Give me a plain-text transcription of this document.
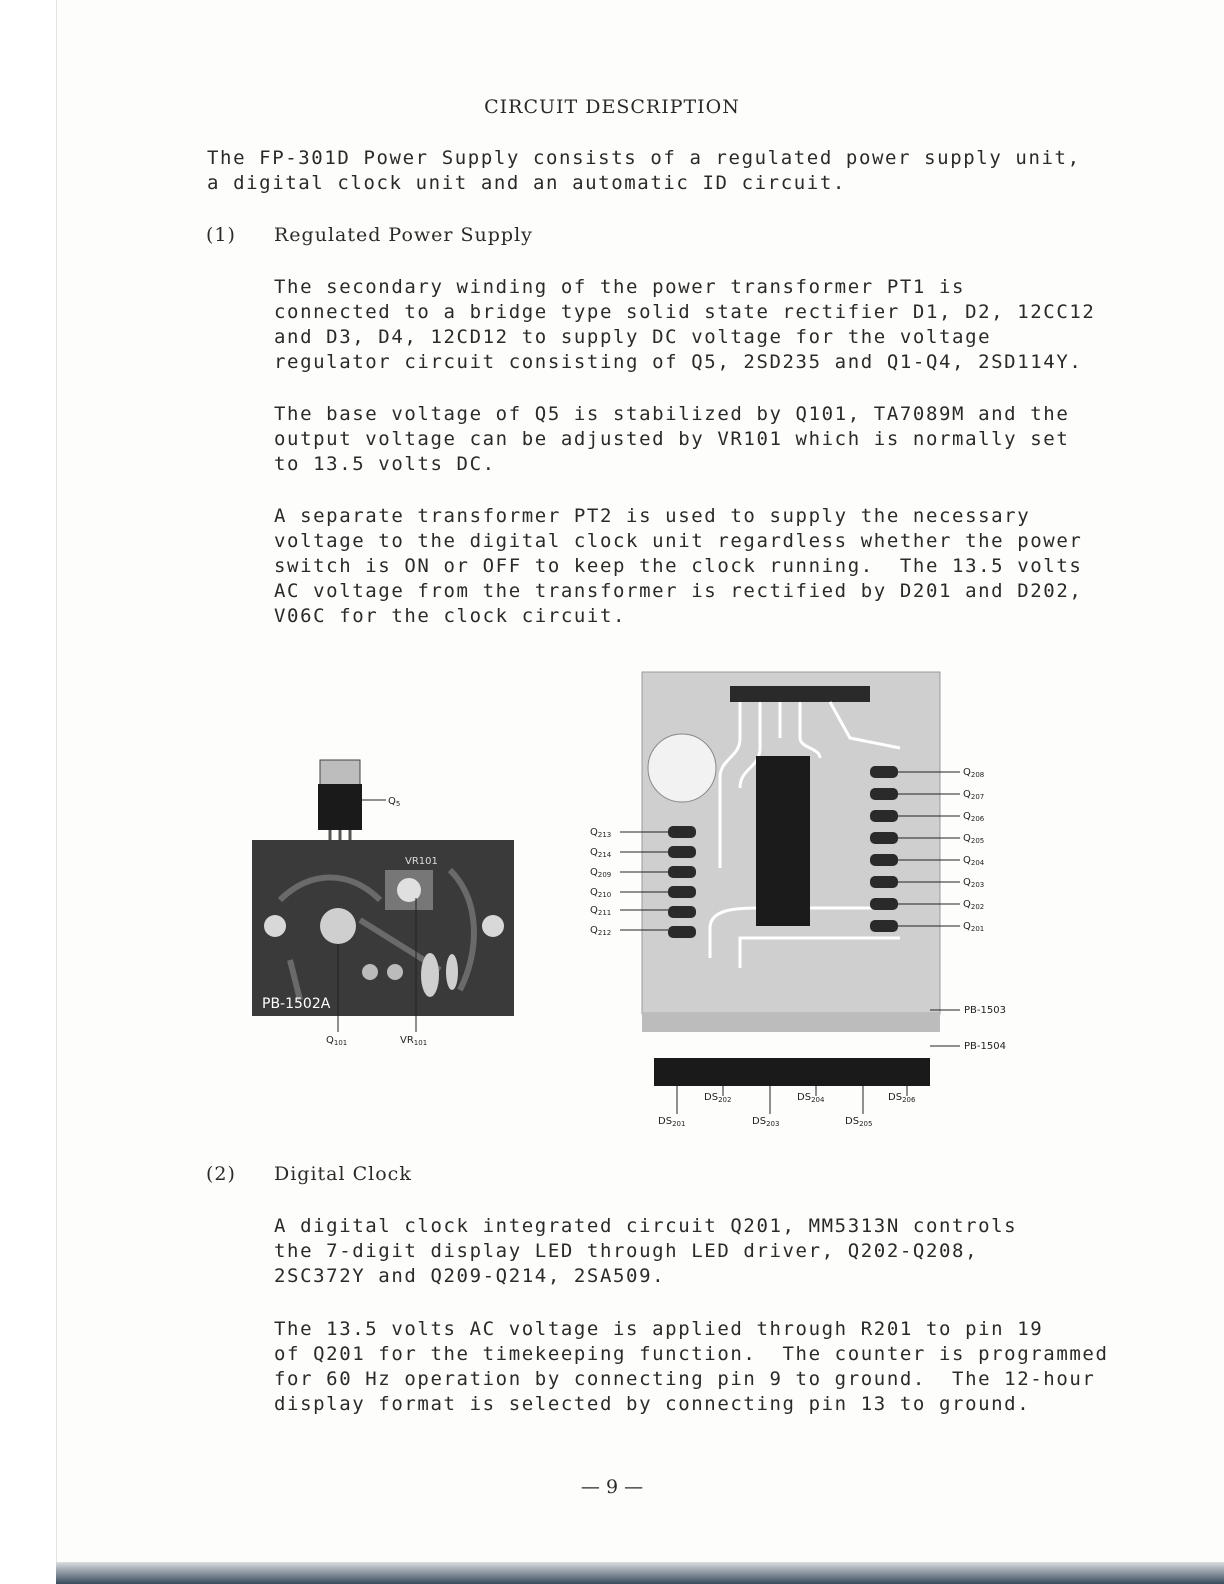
CIRCUIT DESCRIPTION
The FP-301D Power Supply consists of a regulated power supply unit,
a digital clock unit and an automatic ID circuit.
(1) Regulated Power Supply
The secondary winding of the power transformer PT1 is
connected to a bridge type solid state rectifier D1, D2, 12CC12
and D3, D4, 12CD12 to supply DC voltage for the voltage
regulator circuit consisting of Q5, 2SD235 and Q1-Q4, 2SD114Y.
The base voltage of Q5 is stabilized by Q101, TA7089M and the
output voltage can be adjusted by VR101 which is normally set
to 13.5 volts DC.
A separate transformer PT2 is used to supply the necessary
voltage to the digital clock unit regardless whether the power
switch is ON or OFF to keep the clock running.  The 13.5 volts
AC voltage from the transformer is rectified by D201 and D202,
V06C for the clock circuit.
VR101
PB-1502A
$Q_5$
$Q_{101}$	$VR_{101}$
$Q_{213}$
$Q_{214}$
$Q_{209}$
$Q_{210}$
$Q_{211}$
$Q_{212}$
$Q_{208}$
$Q_{207}$
$Q_{206}$
$Q_{205}$
$Q_{204}$
$Q_{203}$
$Q_{202}$
$Q_{201}$
PB-1503
PB-1504
$DS_{202}$	$DS_{204}$	$DS_{206}$
$DS_{201}$	$DS_{203}$	$DS_{205}$
(2) Digital Clock
A digital clock integrated circuit Q201, MM5313N controls
the 7-digit display LED through LED driver, Q202-Q208,
2SC372Y and Q209-Q214, 2SA509.
The 13.5 volts AC voltage is applied through R201 to pin 19
of Q201 for the timekeeping function.  The counter is programmed
for 60 Hz operation by connecting pin 9 to ground.  The 12-hour
display format is selected by connecting pin 13 to ground.
— 9 —
